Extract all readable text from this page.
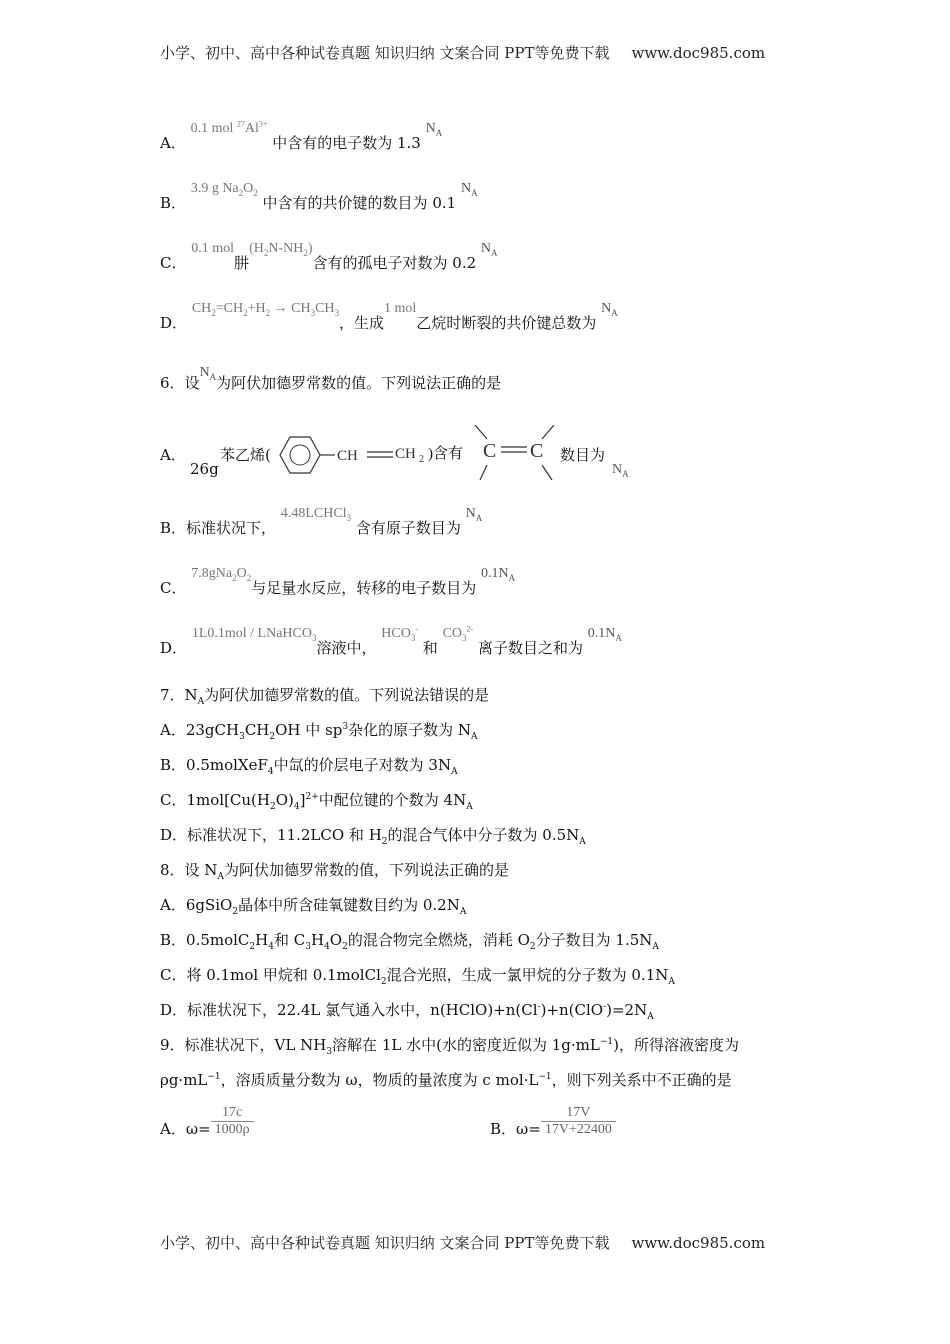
小学、初中、高中各种试卷真题 知识归纳 文案合同 PPT等免费下载 www.doc985.com
A． 0.1 mol $^{27}Al^{3+}$ 中含有的电子数为 1.3 $N_A$
B． 3.9 g $Na_2O_2$ 中含有的共价键的数目为 0.1 $N_A$
C． 0.1 mol肼$(H_2N-NH_2)$含有的孤电子对数为 0.2 $N_A$
D． $CH_2=CH_2+H_2 \to CH_3CH_3$，生成1 mol乙烷时断裂的共价键总数为 $N_A$
6．设$N_A$为阿伏加德罗常数的值。下列说法正确的是
A．
26g
苯乙烯(	CH CH 2 )含有 C C 数目为
$N_A$
B．标准状况下， 4.48LCHCl$_3$ 含有原子数目为 $N_A$
C． $7.8gNa_2O_2$与足量水反应，转移的电子数目为 $0.1N_A$
D． 1L0.1mol / LNaHCO$_3$溶液中， $HCO_3^-$ 和 $CO_3^{2-}$ 离子数目之和为 $0.1N_A$
7．$N_A$为阿伏加德罗常数的值。下列说法错误的是
A．$23gCH_3CH_2OH$ 中 $sp^3$杂化的原子数为 $N_A$
B．0.5molXeF$_4$中氙的价层电子对数为 $3N_A$
C．$1mol[Cu(H_2O)_4]^{2+}$中配位键的个数为 $4N_A$
D．标准状况下，11.2LCO 和 $H_2$的混合气体中分子数为 $0.5N_A$
8．设 $N_A$为阿伏加德罗常数的值，下列说法正确的是
A．6gSiO$_2$晶体中所含硅氧键数目约为 $0.2N_A$
B．$0.5molC_2H_4$和 $C_3H_4O_2$的混合物完全燃烧，消耗 $O_2$分子数目为 $1.5N_A$
C．将 0.1mol 甲烷和 0.1molCl$_2$混合光照，生成一氯甲烷的分子数为 $0.1N_A$
D．标准状况下，22.4L 氯气通入水中，$n(HClO)+n(Cl^-)+n(ClO^-)=2N_A$
9．标准状况下，VL $NH_3$溶解在 1L 水中(水的密度近似为 $1g\cdot mL^{-1}$)，所得溶液密度为
$\rho g\cdot mL^{-1}$，溶质质量分数为 ω，物质的量浓度为 c $mol\cdot L^{-1}$，则下列关系中不正确的是
A．$\omega= \frac{17c}{1000\rho}$	B．$\omega= \frac{17V}{17V+22400}$
小学、初中、高中各种试卷真题 知识归纳 文案合同 PPT等免费下载 www.doc985.com
